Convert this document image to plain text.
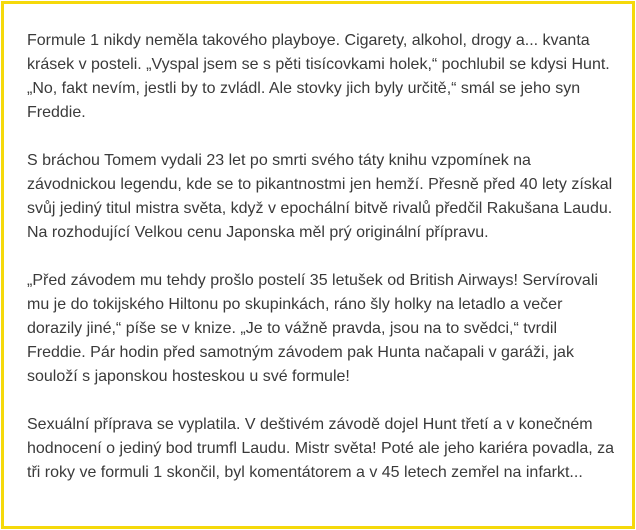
Formule 1 nikdy neměla takového playboye. Cigarety, alkohol, drogy a... kvanta
krásek v posteli. „Vyspal jsem se s pěti tisícovkami holek,“ pochlubil se kdysi Hunt.
„No, fakt nevím, jestli by to zvládl. Ale stovky jich byly určitě,“ smál se jeho syn
Freddie.

S bráchou Tomem vydali 23 let po smrti svého táty knihu vzpomínek na
závodnickou legendu, kde se to pikantnostmi jen hemží. Přesně před 40 lety získal
svůj jediný titul mistra světa, když v epochální bitvě rivalů předčil Rakušana Laudu.
Na rozhodující Velkou cenu Japonska měl prý originální přípravu.

„Před závodem mu tehdy prošlo postelí 35 letušek od British Airways! Servírovali
mu je do tokijského Hiltonu po skupinkách, ráno šly holky na letadlo a večer
dorazily jiné,“ píše se v knize. „Je to vážně pravda, jsou na to svědci,“ tvrdil
Freddie. Pár hodin před samotným závodem pak Hunta načapali v garáži, jak
souloží s japonskou hosteskou u své formule!

Sexuální příprava se vyplatila. V deštivém závodě dojel Hunt třetí a v konečném
hodnocení o jediný bod trumfl Laudu. Mistr světa! Poté ale jeho kariéra povadla, za
tři roky ve formuli 1 skončil, byl komentátorem a v 45 letech zemřel na infarkt...
